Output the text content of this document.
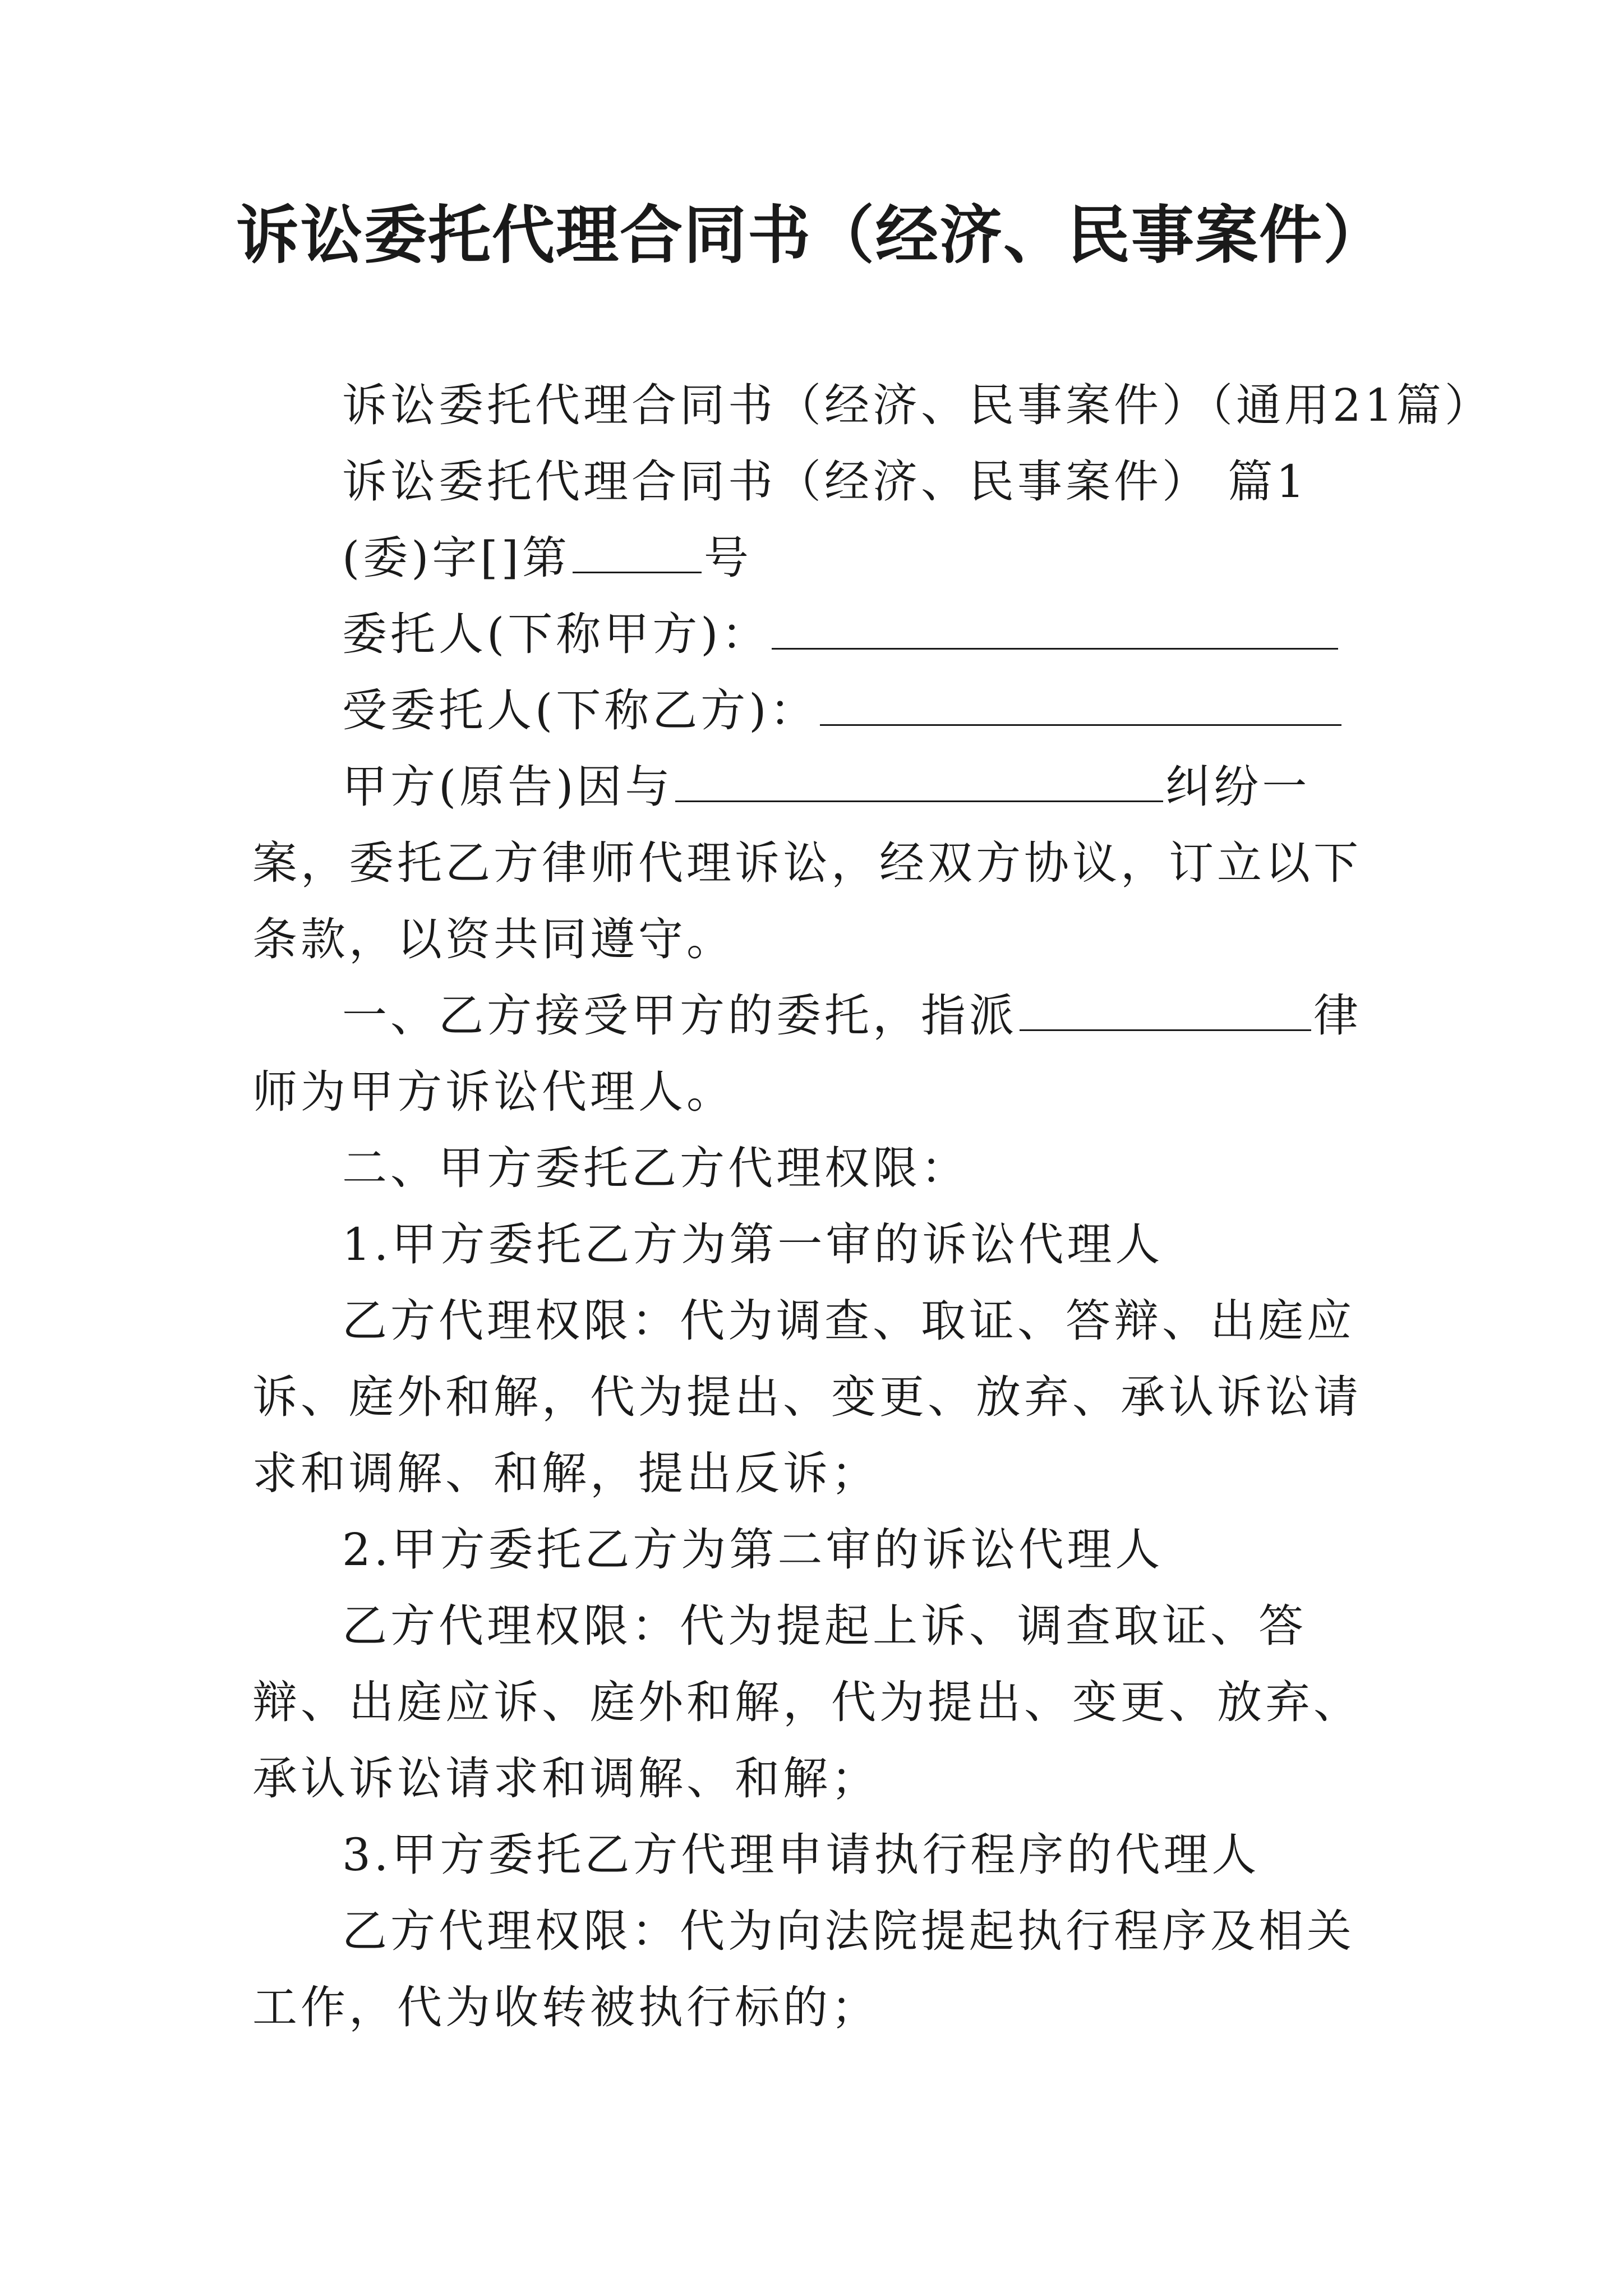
诉讼委托代理合同书（经济、民事案件）

诉讼委托代理合同书（经济、民事案件）（通用21篇）

诉讼委托代理合同书（经济、民事案件） 篇1

(委)字[]第	号

委托人(下称甲方)：

受委托人(下称乙方)：

甲方(原告)因与	纠纷一案，委托乙方律师代理诉讼，经双方协议，订立以下条款，以资共同遵守。

一、乙方接受甲方的委托，指派	律师为甲方诉讼代理人。

二、甲方委托乙方代理权限：

1.甲方委托乙方为第一审的诉讼代理人

乙方代理权限：代为调查、取证、答辩、出庭应诉、庭外和解，代为提出、变更、放弃、承认诉讼请求和调解、和解，提出反诉；

2.甲方委托乙方为第二审的诉讼代理人

乙方代理权限：代为提起上诉、调查取证、答辩、出庭应诉、庭外和解，代为提出、变更、放弃、承认诉讼请求和调解、和解；

3.甲方委托乙方代理申请执行程序的代理人

乙方代理权限：代为向法院提起执行程序及相关工作，代为收转被执行标的；
